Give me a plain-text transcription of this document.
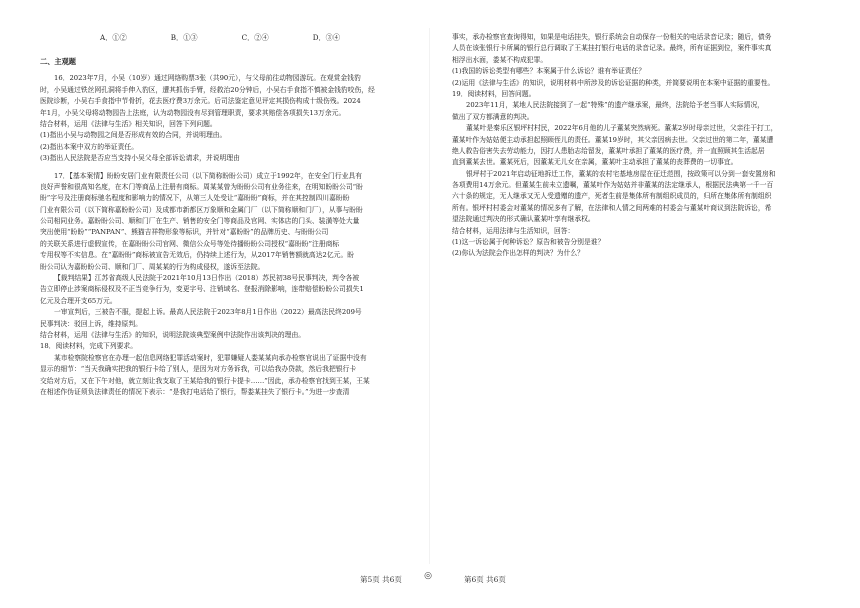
A．①②	B．①③	C．②④	D．③④
二、主观题
16．2023年7月，小吴（10岁）通过网络购票3张（共90元），与父母前往动物园游玩。在观赏金钱豹
时，小吴通过铁丝网孔洞将手伸入豹区，遭其抓伤手臂，经救治20分钟后，小吴右手食指不慎被金钱豹咬伤，经
医院诊断，小吴右手食指中节骨折，花去医疗费3万余元。后司法鉴定意见评定其损伤构成十级伤残。2024
年1月，小吴父母将动物园告上法庭，认为动物园没有尽到管理职责，要求其赔偿各项损失13万余元。
结合材料，运用《法律与生活》相关知识，回答下列问题。
(1)指出小吴与动物园之间是否形成有效的合同，并说明理由。
(2)指出本案中双方的举证责任。
(3)指出人民法院是否应当支持小吴父母全部诉讼请求，并说明理由
17．【基本案情】盼盼安居门业有限责任公司（以下简称盼盼公司）成立于1992年，在安全门行业具有
良好声誉和很高知名度，在木门等商品上注册有商标。周某某曾为盼盼公司有业务往来，在明知盼盼公司“盼
盼”字号及注册商标驰名程度和影响力的情况下，从第三人处受让“嘉盼盼”商标，并在其控制四川嘉盼盼
门业有限公司（以下简称嘉盼盼公司）及成都市新都区万象顺和金属门厂（以下简称顺和门厂），从事与盼盼
公司相同业务。嘉盼盼公司、顺和门厂在生产、销售的安全门等商品及官网、实体店的门头、装潢等处大量
突出使用“盼盼”“PANPAN”、熊猫吉祥物形象等标识，并针对“嘉盼盼”的品牌历史、与盼盼公司
的关联关系进行虚假宣传，在嘉盼盼公司官网、微信公众号等处待播盼盼公司授权“嘉盼盼”注册商标
专用权等不实信息。在“嘉盼盼”商标被宣告无效后，仍持续上述行为，从2017年销售额就高达2亿元。盼
盼公司认为嘉盼盼公司、顺和门厂、周某某的行为构成侵权，遂诉至法院。
【裁判结果】江苏省高级人民法院于2021年10月13日作出（2018）苏民初38号民事判决，判令各被
告立即停止涉案商标侵权及不正当竞争行为，变更字号、注销域名、登报消除影响，连带赔偿盼盼公司损失1
亿元及合理开支65万元。
一审宣判后，三被告不服，提起上诉。最高人民法院于2023年8月1日作出（2022）最高法民终209号
民事判决：驳回上诉，维持原判。
结合材料，运用《法律与生活》的知识，说明法院该典型案例中法院作出该判决的理由。
18．阅读材料，完成下列要求。
某市检察院检察官在办理一起信息网络犯罪活动案时，犯罪嫌疑人娄某某向承办检察官说出了证据中没有
显示的细节：“当天我确实把我的银行卡给了别人，是因为对方务诉我，可以给我办贷款，然后我把银行卡
交给对方后，又在下午对他，就立刻让我支取了王某给我的银行卡提卡……”因此，承办检察官找到王某，王某
在相述作伪证须负法律责任的情况下表示：“是我打电话给了银行，帮娄某挂失了银行卡。”为进一步查清
事实，承办检察官查询得知，如果是电话挂失，银行系统会自动保存一份相关的电话录音记录；随后，债务
人员在该张银行卡所属的银行总行调取了王某挂打银行电话的录音记录。最终，所有证据到位，案件事实真
相浮出水面，娄某不构成犯罪。
(1)我国的诉讼类型有哪些？本案属于什么诉讼？谁有举证责任？
(2)运用《法律与生活》的知识，说明材料中所涉及的诉讼证据的种类，并简要说明在本案中证据的重要性。
19．阅读材料，回答问题。
2023年11月，某地人民法院接到了一起“特殊”的遗产继承案，最终，法院给予老当事人实际情况，
做出了双方都满意的判决。
董某叶是秦乐区银坪村村民，2022年6月他的儿子董某突然病死。董某2岁时母亲过世，父亲往于打工，
董某叶作为姑姑便主动承担起照顾侄儿的责任。董某19岁时，其父亲因病去世。父亲过世的第二年，董某遭
绝人救告俗害失去劳动能力，因打人患胎志给留发，董某叶承担了董某的医疗费，并一直照顾其生活起居
直到董某去世。董某死后，因董某无儿女在亲属，董某叶主动承担了董某的丧葬费的一切事宜。
银坪村于2021年启动征地拆迁工作，董某的农村宅基地房屋在征迁范围，按政策可以分到一套安置房和
各项费用14万余元。但董某生前未立遗嘱，董某叶作为姑姑并非董某的法定继承人，根据民法典第一千一百
六十条的规定，无人继承又无人受遗赠的遗产，死者生前是集体所有制组织成员的，归所在集体所有制组织
所有。银坪村村委会对董某的情况多有了解，在法律和人情之间两难的村委会与董某叶商议到法院诉讼，希
望法院通过判决的形式确认董某叶享有继承权。
结合材料，运用法律与生活知识，回答：
(1)这一诉讼属于何种诉讼？原告和被告分别是谁？
(2)你认为法院会作出怎样的判决？为什么？
第5页 共6页 ◎	第6页 共6页
